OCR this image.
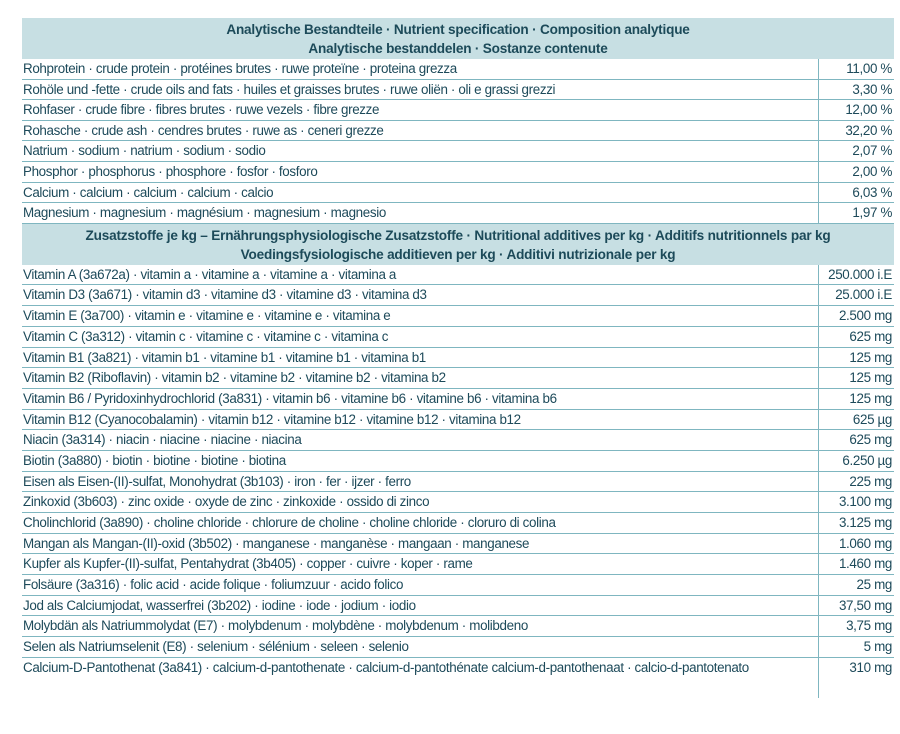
Analytische Bestandteile · Nutrient specification · Composition analytique
Analytische bestanddelen · Sostanze contenute
Rohprotein · crude protein · protéines brutes · ruwe proteïne · proteina grezza	11,00 %
Rohöle und -fette · crude oils and fats · huiles et graisses brutes · ruwe oliën · oli e grassi grezzi	3,30 %
Rohfaser · crude fibre · fibres brutes · ruwe vezels · fibre grezze	12,00 %
Rohasche · crude ash · cendres brutes · ruwe as · ceneri grezze	32,20 %
Natrium · sodium · natrium · sodium · sodio	2,07 %
Phosphor · phosphorus · phosphore · fosfor · fosforo	2,00 %
Calcium · calcium · calcium · calcium · calcio	6,03 %
Magnesium · magnesium · magnésium · magnesium · magnesio	1,97 %
Zusatzstoffe je kg – Ernährungsphysiologische Zusatzstoffe · Nutritional additives per kg · Additifs nutritionnels par kg
Voedingsfysiologische additieven per kg · Additivi nutrizionale per kg
Vitamin A (3a672a) · vitamin a · vitamine a · vitamine a · vitamina a	250.000 i.E
Vitamin D3 (3a671) · vitamin d3 · vitamine d3 · vitamine d3 · vitamina d3	25.000 i.E
Vitamin E (3a700) · vitamin e · vitamine e · vitamine e · vitamina e	2.500 mg
Vitamin C (3a312) · vitamin c · vitamine c · vitamine c · vitamina c	625 mg
Vitamin B1 (3a821) · vitamin b1 · vitamine b1 · vitamine b1 · vitamina b1	125 mg
Vitamin B2 (Riboflavin) · vitamin b2 · vitamine b2 · vitamine b2 · vitamina b2	125 mg
Vitamin B6 / Pyridoxinhydrochlorid (3a831) · vitamin b6 · vitamine b6 · vitamine b6 · vitamina b6	125 mg
Vitamin B12 (Cyanocobalamin) · vitamin b12 · vitamine b12 · vitamine b12 · vitamina b12	625 µg
Niacin (3a314) · niacin · niacine · niacine · niacina	625 mg
Biotin (3a880) · biotin · biotine · biotine · biotina	6.250 µg
Eisen als Eisen-(II)-sulfat, Monohydrat (3b103) · iron · fer · ijzer · ferro	225 mg
Zinkoxid (3b603) · zinc oxide · oxyde de zinc · zinkoxide · ossido di zinco	3.100 mg
Cholinchlorid (3a890) · choline chloride · chlorure de choline · choline chloride · cloruro di colina	3.125 mg
Mangan als Mangan-(II)-oxid (3b502) · manganese · manganèse · mangaan · manganese	1.060 mg
Kupfer als Kupfer-(II)-sulfat, Pentahydrat (3b405) · copper · cuivre · koper · rame	1.460 mg
Folsäure (3a316) · folic acid · acide folique · foliumzuur · acido folico	25 mg
Jod als Calciumjodat, wasserfrei (3b202) · iodine · iode · jodium · iodio	37,50 mg
Molybdän als Natriummolydat (E7) · molybdenum · molybdène · molybdenum · molibdeno	3,75 mg
Selen als Natriumselenit (E8) · selenium · sélénium · seleen · selenio	5 mg
Calcium-D-Pantothenat (3a841) · calcium-d-pantothenate · calcium-d-pantothénate calcium-d-pantothenaat · calcio-d-pantotenato	310 mg
